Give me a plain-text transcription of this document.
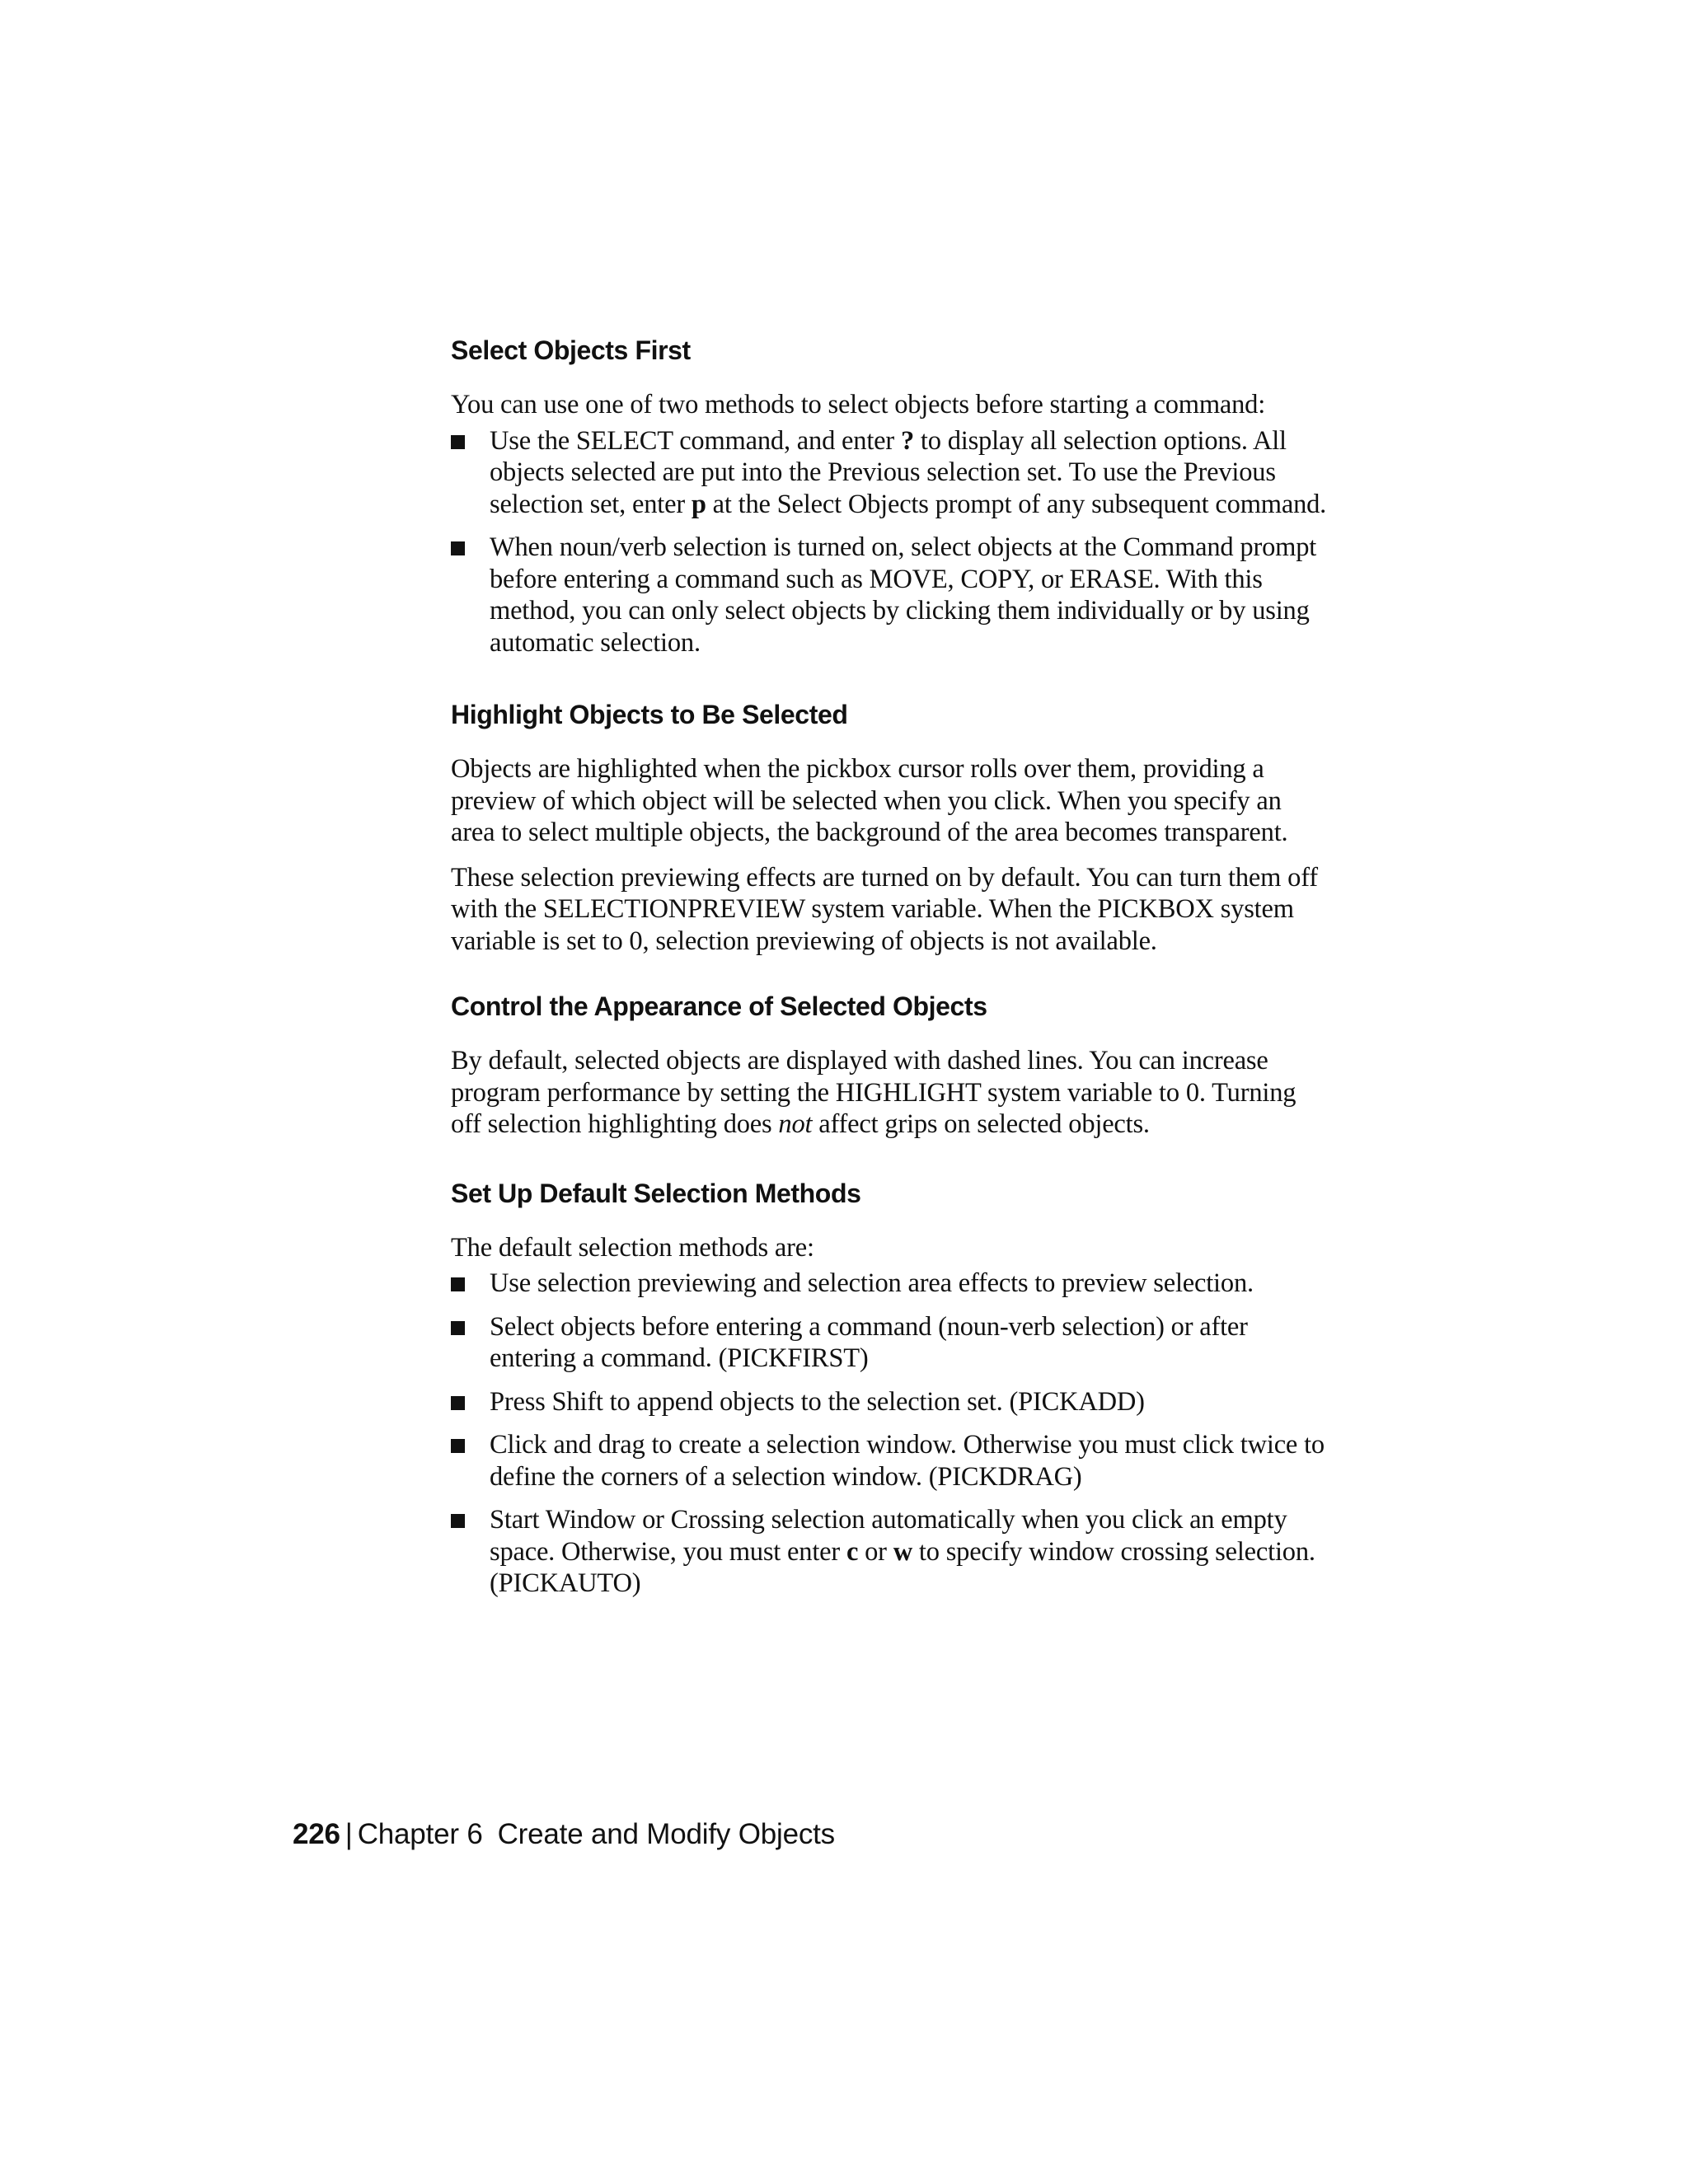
Select Objects First

You can use one of two methods to select objects before starting a command:

Use the SELECT command, and enter ? to display all selection options. All objects selected are put into the Previous selection set. To use the Previous selection set, enter p at the Select Objects prompt of any subsequent command.
When noun/verb selection is turned on, select objects at the Command prompt before entering a command such as MOVE, COPY, or ERASE. With this method, you can only select objects by clicking them individually or by using automatic selection.
Highlight Objects to Be Selected

Objects are highlighted when the pickbox cursor rolls over them, providing a preview of which object will be selected when you click. When you specify an area to select multiple objects, the background of the area becomes transparent.

These selection previewing effects are turned on by default. You can turn them off with the SELECTIONPREVIEW system variable. When the PICKBOX system variable is set to 0, selection previewing of objects is not available.

Control the Appearance of Selected Objects

By default, selected objects are displayed with dashed lines. You can increase program performance by setting the HIGHLIGHT system variable to 0. Turning off selection highlighting does not affect grips on selected objects.

Set Up Default Selection Methods

The default selection methods are:

Use selection previewing and selection area effects to preview selection.
Select objects before entering a command (noun-verb selection) or after entering a command. (PICKFIRST)
Press Shift to append objects to the selection set. (PICKADD)
Click and drag to create a selection window. Otherwise you must click twice to define the corners of a selection window. (PICKDRAG)
Start Window or Crossing selection automatically when you click an empty space. Otherwise, you must enter c or w to specify window crossing selection. (PICKAUTO)
226 | Chapter 6 Create and Modify Objects
